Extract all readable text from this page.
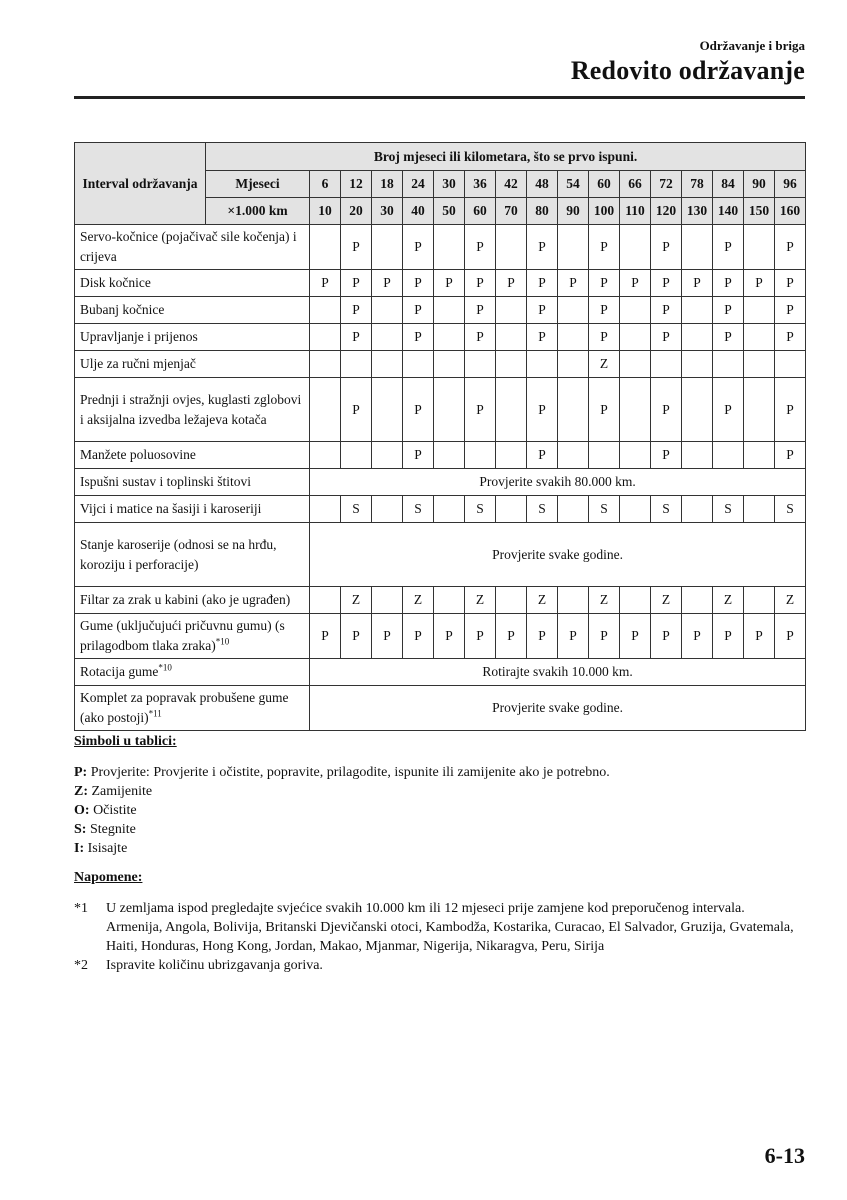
Održavanje i briga
Redovito održavanje
Interval održavanja	Broj mjeseci ili kilometara, što se prvo ispuni.																
	Mjeseci	6	12	18	24	30	36	42	48	54	60	66	72	78	84	90	96
	×1.000 km	10	20	30	40	50	60	70	80	90	100	110	120	130	140	150	160
Servo-kočnice (pojačivač sile kočenja) i crijeva			P		P		P		P		P		P		P		P
Disk kočnice		P	P	P	P	P	P	P	P	P	P	P	P	P	P	P	P
Bubanj kočnice			P		P		P		P		P		P		P		P
Upravljanje i prijenos			P		P		P		P		P		P		P		P
Ulje za ručni mjenjač											Z						
Prednji i stražnji ovjes, kuglasti zglobovi i aksijalna izvedba ležajeva kotača			P		P		P		P		P		P		P		P
Manžete poluosovine					P				P				P				P
Ispušni sustav i toplinski štitovi		Provjerite svakih 80.000 km.															
Vijci i matice na šasiji i karoseriji			S		S		S		S		S		S		S		S
Stanje karoserije (odnosi se na hrđu, koroziju i perforacije)		Provjerite svake godine.															
Filtar za zrak u kabini (ako je ugrađen)			Z		Z		Z		Z		Z		Z		Z		Z
Gume (uključujući pričuvnu gumu) (s prilagodbom tlaka zraka)$^{*10}$		P	P	P	P	P	P	P	P	P	P	P	P	P	P	P	P
Rotacija gume$^{*10}$		Rotirajte svakih 10.000 km.															
Komplet za popravak probušene gume (ako postoji)$^{*11}$		Provjerite svake godine.															
Simboli u tablici:

P: Provjerite: Provjerite i očistite, popravite, prilagodite, ispunite ili zamijenite ako je potrebno.

Z: Zamijenite

O: Očistite

S: Stegnite

I: Isisajte

Napomene:
*1	U zemljama ispod pregledajte svjećice svakih 10.000 km ili 12 mjeseci prije zamjene kod preporučenog intervala.
Armenija, Angola, Bolivija, Britanski Djevičanski otoci, Kambodža, Kostarika, Curacao, El Salvador, Gruzija, Gvatemala, Haiti, Honduras, Hong Kong, Jordan, Makao, Mjanmar, Nigerija, Nikaragva, Peru, Sirija
*2	Ispravite količinu ubrizgavanja goriva.
6-13
